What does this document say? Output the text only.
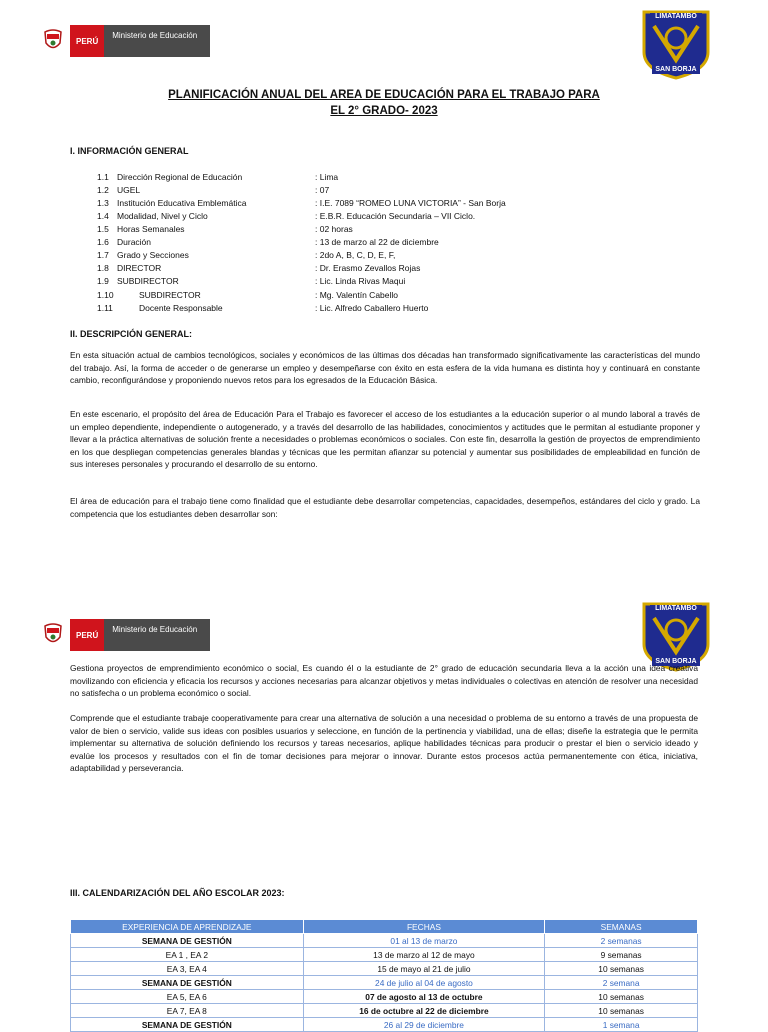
PERÚ
Ministerio de Educación
LIMATAMBO
SAN BORJA
PLANIFICACIÓN ANUAL DEL AREA DE EDUCACIÓN PARA EL TRABAJO PARA
EL 2° GRADO- 2023
I. INFORMACIÓN GENERAL
1.1 Dirección Regional de Educación	: Lima
1.2 UGEL	: 07
1.3 Institución Educativa Emblemática	: I.E. 7089 “ROMEO LUNA VICTORIA” - San Borja
1.4 Modalidad, Nivel y Ciclo	: E.B.R. Educación Secundaria – VII Ciclo.
1.5 Horas Semanales	: 02 horas
1.6 Duración	: 13 de marzo al 22 de diciembre
1.7 Grado y Secciones	: 2do A, B, C, D, E, F,
1.8 DIRECTOR	: Dr. Erasmo Zevallos Rojas
1.9 SUBDIRECTOR	: Lic. Linda Rivas Maqui
1.10	SUBDIRECTOR	: Mg. Valentín Cabello
1.11	Docente Responsable	: Lic. Alfredo Caballero Huerto
II. DESCRIPCIÓN GENERAL:
En esta situación actual de cambios tecnológicos, sociales y económicos de las últimas dos décadas han transformado significativamente las características del mundo del trabajo. Así, la forma de acceder o de generarse un empleo y desempeñarse con éxito en esta esfera de la vida humana es distinta hoy y continuará en constante cambio, reconfigurándose y proponiendo nuevos retos para los egresados de la Educación Básica.
En este escenario, el propósito del área de Educación Para el Trabajo es favorecer el acceso de los estudiantes a la educación superior o al mundo laboral a través de un empleo dependiente, independiente o autogenerado, y a través del desarrollo de las habilidades, conocimientos y actitudes que le permitan al estudiante proponer y llevar a la práctica alternativas de solución frente a necesidades o problemas económicos o sociales. Con este fin, desarrolla la gestión de proyectos de emprendimiento en los que despliegan competencias generales blandas y técnicas que les permitan afianzar su potencial y aumentar sus posibilidades de empleabilidad en función de sus intereses personales y procurando el desarrollo de su entorno.
El área de educación para el trabajo tiene como finalidad que el estudiante debe desarrollar competencias, capacidades, desempeños, estándares del ciclo y grado. La competencia que los estudiantes deben desarrollar son:
PERÚ
Ministerio de Educación
LIMATAMBO
SAN BORJA
Gestiona proyectos de emprendimiento económico o social, Es cuando él o la estudiante de 2° grado de educación secundaria lleva a la acción una idea creativa movilizando con eficiencia y eficacia los recursos y acciones necesarias para alcanzar objetivos y metas individuales o colectivas en atención de resolver una necesidad no satisfecha o un problema económico o social.
Comprende que el estudiante trabaje cooperativamente para crear una alternativa de solución a una necesidad o problema de su entorno a través de una propuesta de valor de bien o servicio, valide sus ideas con posibles usuarios y seleccione, en función de la pertinencia y viabilidad, una de ellas; diseñe la estrategia que le permita implementar su alternativa de solución definiendo los recursos y tareas necesarios, aplique habilidades técnicas para producir o prestar el bien o servicio ideado y evalúe los procesos y resultados con el fin de tomar decisiones para mejorar o innovar. Durante estos procesos actúa permanentemente con ética, iniciativa, adaptabilidad y perseverancia.
III. CALENDARIZACIÓN DEL AÑO ESCOLAR 2023:
EXPERIENCIA DE APRENDIZAJE	FECHAS	SEMANAS
SEMANA DE GESTIÓN	01 al 13 de marzo	2 semanas
EA 1 , EA 2	13 de marzo al 12 de mayo	9 semanas
EA 3, EA 4	15 de mayo al 21 de julio	10 semanas
SEMANA DE GESTIÓN	24 de julio al 04 de agosto	2 semana
EA 5, EA 6	07 de agosto al 13 de octubre	10 semanas
EA 7, EA 8	16 de octubre al 22 de diciembre	10 semanas
SEMANA DE GESTIÓN	26 al 29 de diciembre	1 semana
